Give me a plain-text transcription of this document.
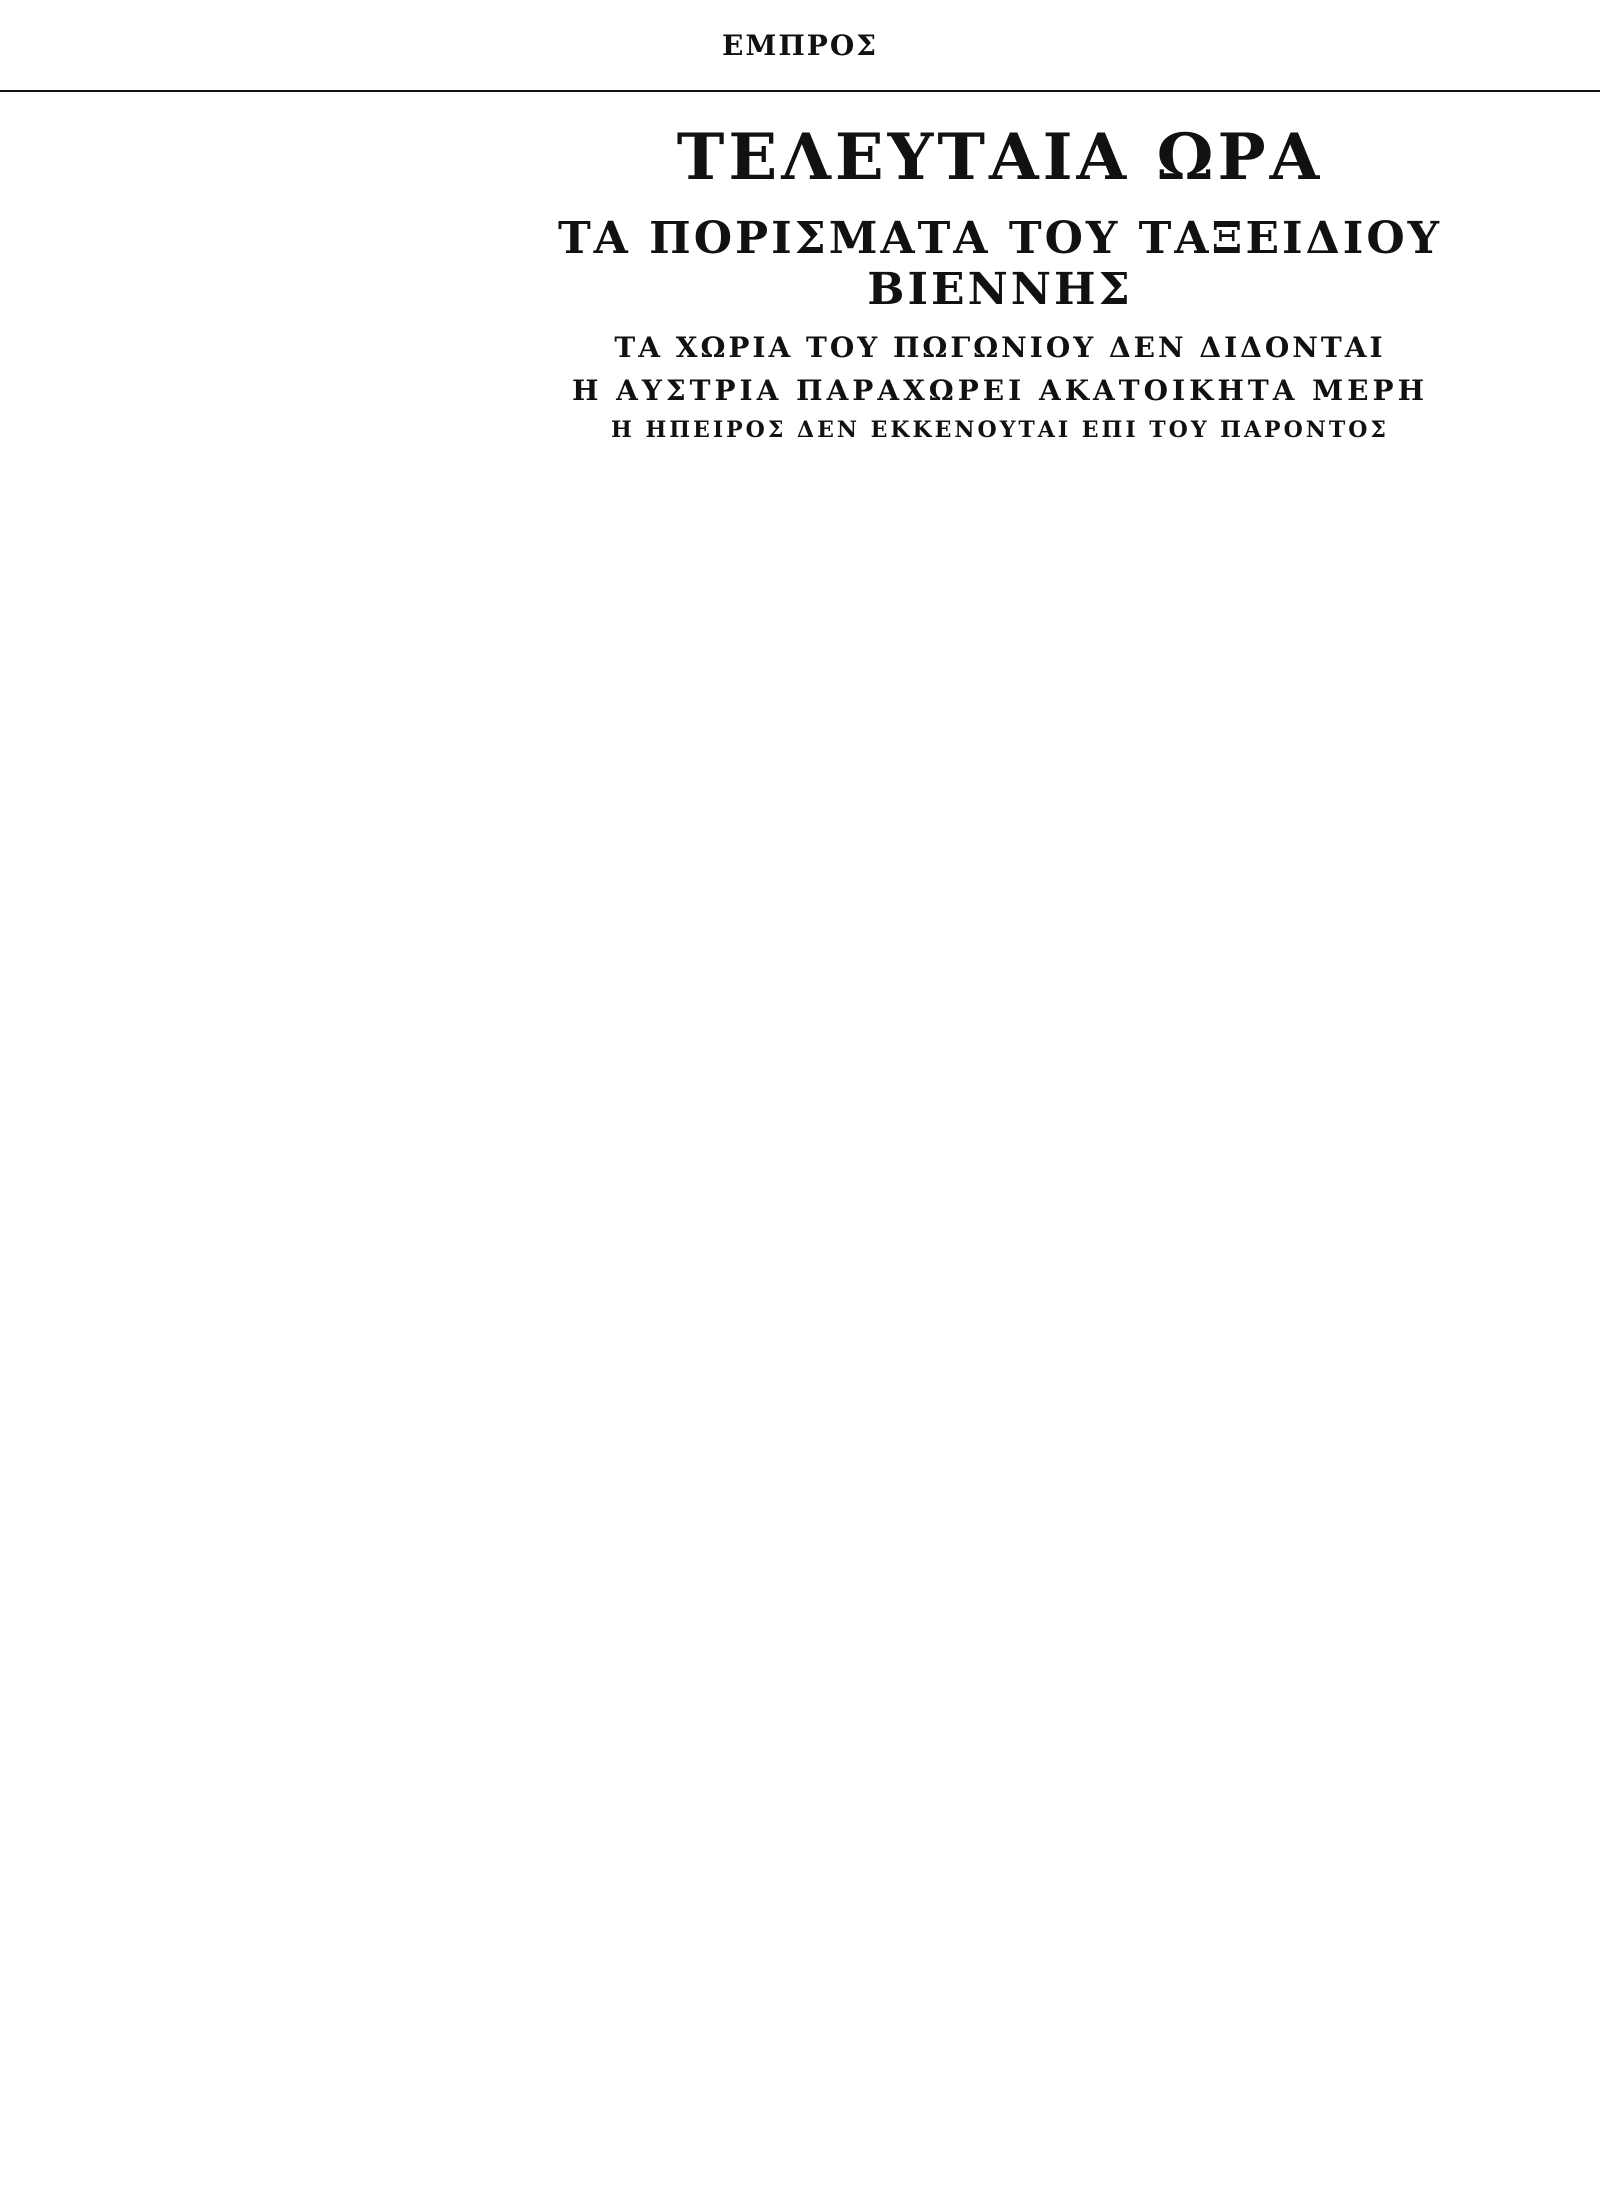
ΕΜΠΡΟΣ
ΤΕΛΕΥΤΑΙΑ ΩΡΑ
ΤΑ ΠΟΡΙΣΜΑΤΑ ΤΟΥ ΤΑΞΕΙΔΙΟΥ ΒΙΕΝΝΗΣ
ΤΑ ΧΩΡΙΑ ΤΟΥ ΠΩΓΩΝΙΟΥ ΔΕΝ ΔΙΔΟΝΤΑΙ
Η ΑΥΣΤΡΙΑ ΠΑΡΑΧΩΡΕΙ ΑΚΑΤΟΙΚΗΤΑ ΜΕΡΗ
Η ΗΠΕΙΡΟΣ ΔΕΝ ΕΚΚΕΝΟΥΤΑΙ ΕΠΙ ΤΟΥ ΠΑΡΟΝΤΟΣ
